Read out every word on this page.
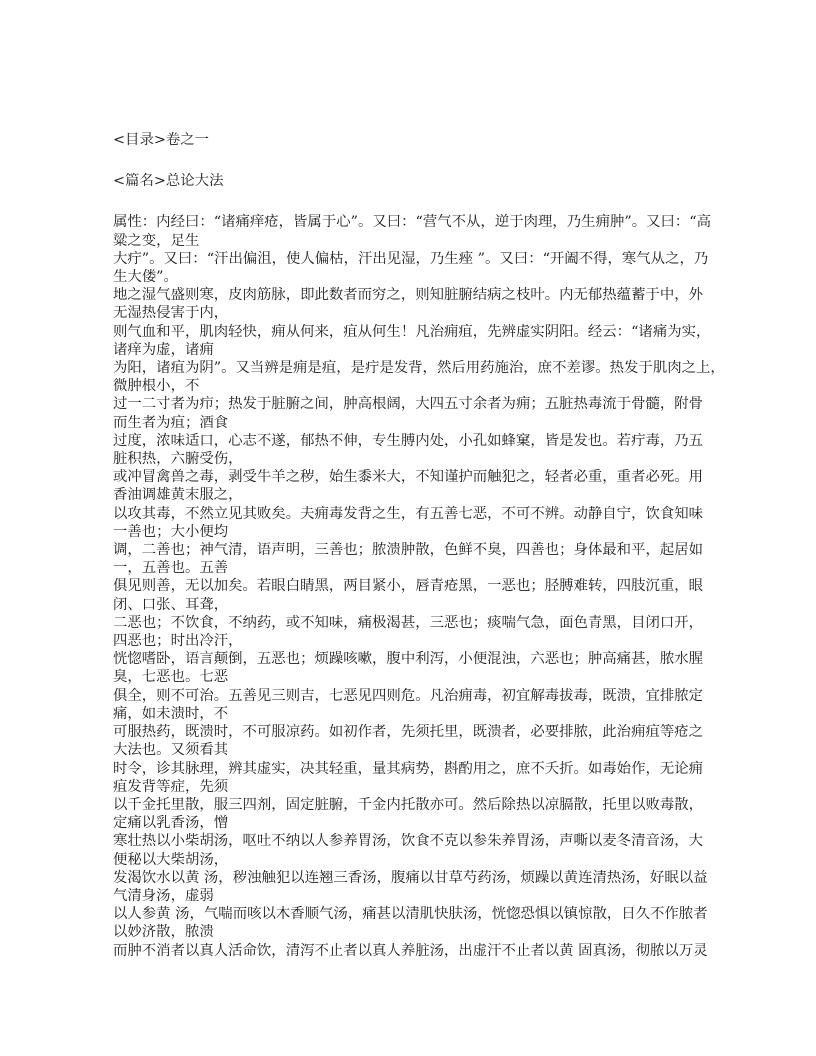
<目录>卷之一
<篇名>总论大法
属性：内经曰：“诸痛痒疮，皆属于心”。又曰：“营气不从，逆于肉理，乃生痈肿”。又曰：“高
粱之变，足生
大疔”。又曰：“汗出偏沮，使人偏枯，汗出见湿，乃生痤 ”。又曰：“开阖不得，寒气从之，乃
生大偻”。
地之湿气盛则寒，皮肉筋脉，即此数者而穷之，则知脏腑结病之枝叶。内无郁热蕴蓄于中，外
无湿热侵害于内，
则气血和平，肌肉轻快，痈从何来，疽从何生！凡治痈疽，先辨虚实阴阳。经云：“诸痛为实，
诸痒为虚，诸痈
为阳，诸疽为阴”。又当辨是痈是疽，是疔是发背，然后用药施治，庶不差谬。热发于肌肉之上，
微肿根小，不
过一二寸者为疖；热发于脏腑之间，肿高根阔，大四五寸余者为痈；五脏热毒流于骨髓，附骨
而生者为疽；酒食
过度，浓味适口，心志不遂，郁热不伸，专生膊内处，小孔如蜂窠，皆是发也。若疔毒，乃五
脏积热，六腑受伤，
或冲冒禽兽之毒，剥受牛羊之秽，始生黍米大，不知谨护而触犯之，轻者必重，重者必死。用
香油调雄黄末服之，
以攻其毒，不然立见其败矣。夫痈毒发背之生，有五善七恶，不可不辨。动静自宁，饮食知味
一善也；大小便均
调，二善也；神气清，语声明，三善也；脓溃肿散，色鲜不臭，四善也；身体最和平，起居如
一，五善也。五善
俱见则善，无以加矣。若眼白睛黑，两目紧小，唇青疮黑，一恶也；胫膊难转，四肢沉重，眼
闭、口张、耳聋，
二恶也；不饮食，不纳药，或不知味，痛极渴甚，三恶也；痰喘气急，面色青黑，目闭口开，
四恶也；时出冷汗，
恍惚嗜卧，语言颠倒，五恶也；烦躁咳嗽，腹中利泻，小便混浊，六恶也；肿高痛甚，脓水腥
臭，七恶也。七恶
俱全，则不可治。五善见三则吉，七恶见四则危。凡治痈毒，初宜解毒拔毒，既溃，宜排脓定
痛，如未溃时，不
可服热药，既溃时，不可服凉药。如初作者，先须托里，既溃者，必要排脓，此治痈疽等疮之
大法也。又须看其
时令，诊其脉理，辨其虚实，决其轻重，量其病势，斟酌用之，庶不夭折。如毒始作，无论痈
疽发背等症，先须
以千金托里散，服三四剂，固定脏腑，千金内托散亦可。然后除热以凉膈散，托里以败毒散，
定痛以乳香汤，憎
寒壮热以小柴胡汤，呕吐不纳以人参养胃汤，饮食不克以参朱养胃汤，声嘶以麦冬清音汤，大
便秘以大柴胡汤，
发渴饮水以黄 汤，秽浊触犯以连翘三香汤，腹痛以甘草芍药汤，烦躁以黄连清热汤，好眠以益
气清身汤，虚弱
以人参黄 汤，气喘而咳以木香顺气汤，痛甚以清肌快肤汤，恍惚恐惧以镇惊散，日久不作脓者
以妙济散，脓溃
而肿不消者以真人活命饮，清泻不止者以真人养脏汤，出虚汗不止者以黄 固真汤，彻脓以万灵
